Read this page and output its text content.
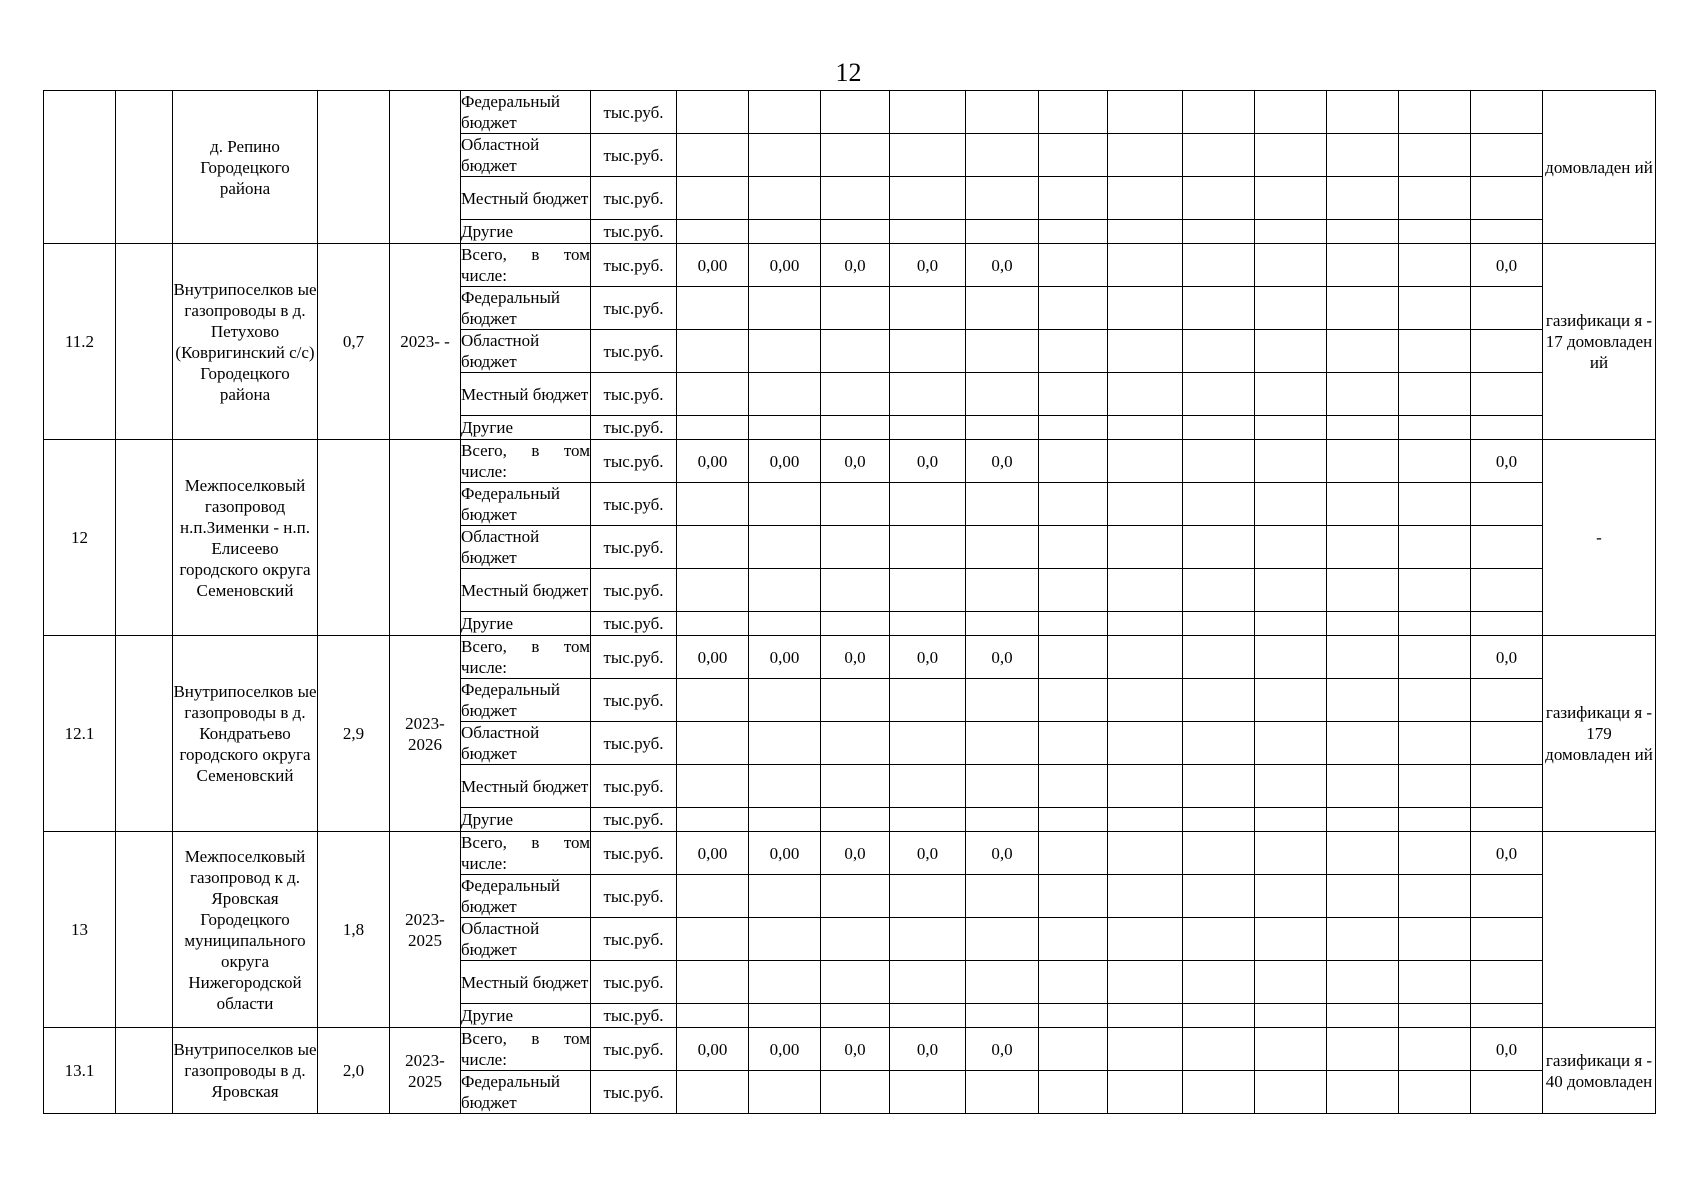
12
		д. Репино Городецкого района			Федеральный бюджет	тыс.руб.													домовладен ий

					Областной бюджет	тыс.руб.													

					Местный бюджет	тыс.руб.													

					Другие	тыс.руб.													
11.2		Внутрипоселков ые газопроводы в д. Петухово (Ковригинский с/с) Городецкого района	0,7	2023- -	Всего, в том числе:	тыс.руб.	0,00	0,00	0,0	0,0	0,0							0,0	газификаци я - 17 домовладен ий

					Федеральный бюджет	тыс.руб.													

					Областной бюджет	тыс.руб.													

					Местный бюджет	тыс.руб.													

					Другие	тыс.руб.													
12		Межпоселковый газопровод н.п.Зименки - н.п. Елисеево городского округа Семеновский			Всего, в том числе:	тыс.руб.	0,00	0,00	0,0	0,0	0,0							0,0	-

					Федеральный бюджет	тыс.руб.													

					Областной бюджет	тыс.руб.													

					Местный бюджет	тыс.руб.													

					Другие	тыс.руб.													
12.1		Внутрипоселков ые газопроводы в д. Кондратьево городского округа Семеновский	2,9	2023- 2026	Всего, в том числе:	тыс.руб.	0,00	0,00	0,0	0,0	0,0							0,0	газификаци я - 179 домовладен ий

					Федеральный бюджет	тыс.руб.													

					Областной бюджет	тыс.руб.													

					Местный бюджет	тыс.руб.													

					Другие	тыс.руб.													
13		Межпоселковый газопровод к д. Яровская Городецкого муниципального округа Нижегородской области	1,8	2023- 2025	Всего, в том числе:	тыс.руб.	0,00	0,00	0,0	0,0	0,0							0,0	

					Федеральный бюджет	тыс.руб.													

					Областной бюджет	тыс.руб.													

					Местный бюджет	тыс.руб.													

					Другие	тыс.руб.													
13.1		Внутрипоселков ые газопроводы в д. Яровская	2,0	2023- 2025	Всего, в том числе:	тыс.руб.	0,00	0,00	0,0	0,0	0,0							0,0	газификаци я - 40 домовладен

					Федеральный бюджет	тыс.руб.													
